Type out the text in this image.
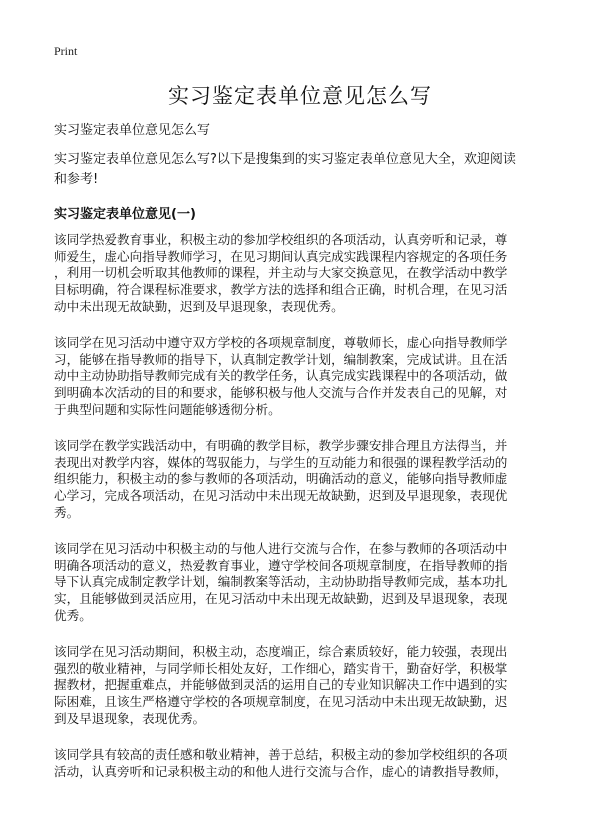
Print
实习鉴定表单位意见怎么写
实习鉴定表单位意见怎么写
实习鉴定表单位意见怎么写?以下是搜集到的实习鉴定表单位意见大全，欢迎阅读
和参考!
实习鉴定表单位意见(一)

该同学热爱教育事业，积极主动的参加学校组织的各项活动，认真旁听和记录，尊
师爱生，虚心向指导教师学习，在见习期间认真完成实践课程内容规定的各项任务
，利用一切机会听取其他教师的课程，并主动与大家交换意见，在教学活动中教学
目标明确，符合课程标准要求，教学方法的选择和组合正确，时机合理，在见习活
动中未出现无故缺勤，迟到及早退现象，表现优秀。

该同学在见习活动中遵守双方学校的各项规章制度，尊敬师长，虚心向指导教师学
习，能够在指导教师的指导下，认真制定教学计划，编制教案，完成试讲。且在活
动中主动协助指导教师完成有关的教学任务，认真完成实践课程中的各项活动，做
到明确本次活动的目的和要求，能够积极与他人交流与合作并发表自己的见解，对
于典型问题和实际性问题能够透彻分析。

该同学在教学实践活动中，有明确的教学目标，教学步骤安排合理且方法得当，并
表现出对教学内容，媒体的驾驭能力，与学生的互动能力和很强的课程教学活动的
组织能力，积极主动的参与教师的各项活动，明确活动的意义，能够向指导教师虚
心学习，完成各项活动，在见习活动中未出现无故缺勤，迟到及早退现象，表现优
秀。

该同学在见习活动中积极主动的与他人进行交流与合作，在参与教师的各项活动中
明确各项活动的意义，热爱教育事业，遵守学校间各项规章制度，在指导教师的指
导下认真完成制定教学计划，编制教案等活动，主动协助指导教师完成，基本功扎
实，且能够做到灵活应用，在见习活动中未出现无故缺勤，迟到及早退现象，表现
优秀。

该同学在见习活动期间，积极主动，态度端正，综合素质较好，能力较强，表现出
强烈的敬业精神，与同学师长相处友好，工作细心，踏实肯干，勤奋好学，积极掌
握教材，把握重难点，并能够做到灵活的运用自己的专业知识解决工作中遇到的实
际困难，且该生严格遵守学校的各项规章制度，在见习活动中未出现无故缺勤，迟
到及早退现象，表现优秀。

该同学具有较高的责任感和敬业精神，善于总结，积极主动的参加学校组织的各项
活动，认真旁听和记录积极主动的和他人进行交流与合作，虚心的请教指导教师，
